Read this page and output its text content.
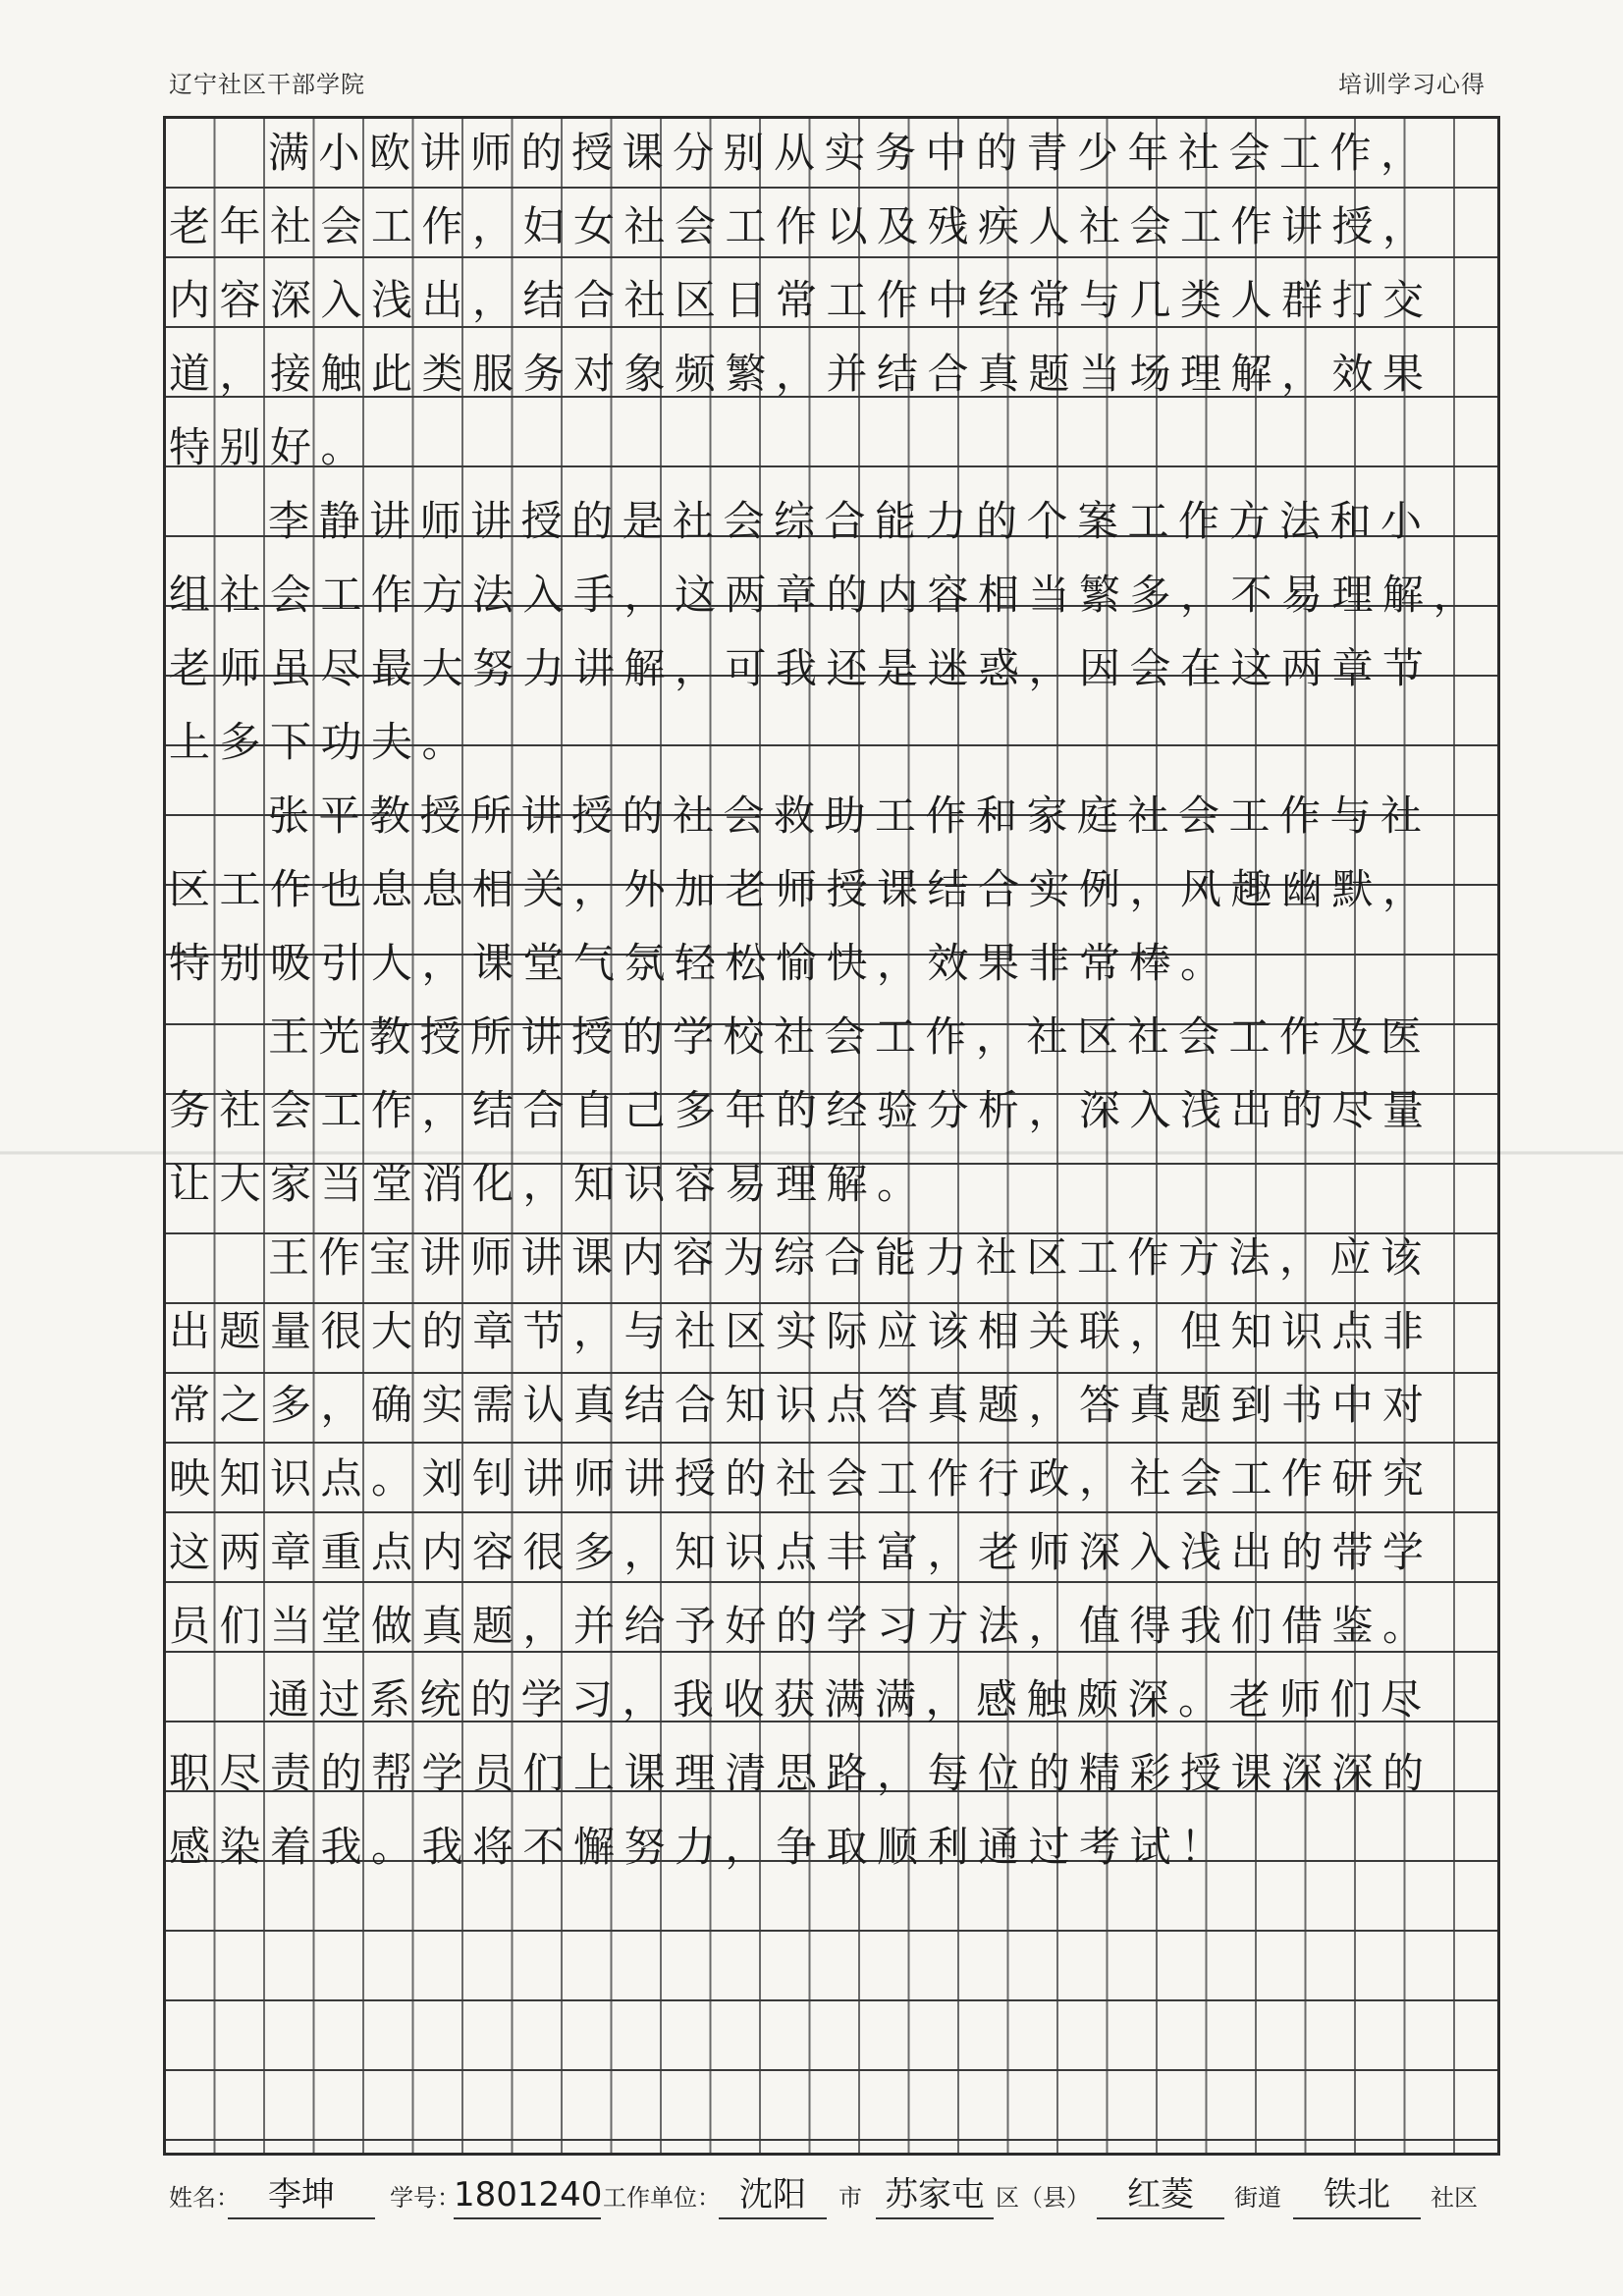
辽宁社区干部学院	培训学习心得
满小欧讲师的授课分别从实务中的青少年社会工作，
老年社会工作，妇女社会工作以及残疾人社会工作讲授，
内容深入浅出，结合社区日常工作中经常与几类人群打交
道，接触此类服务对象频繁，并结合真题当场理解，效果
特别好。
李静讲师讲授的是社会综合能力的个案工作方法和小
组社会工作方法入手，这两章的内容相当繁多，不易理解，
老师虽尽最大努力讲解，可我还是迷惑，因会在这两章节
上多下功夫。
张平教授所讲授的社会救助工作和家庭社会工作与社
区工作也息息相关，外加老师授课结合实例，风趣幽默，
特别吸引人，课堂气氛轻松愉快，效果非常棒。
王光教授所讲授的学校社会工作，社区社会工作及医
务社会工作，结合自己多年的经验分析，深入浅出的尽量
让大家当堂消化，知识容易理解。
王作宝讲师讲课内容为综合能力社区工作方法，应该
出题量很大的章节，与社区实际应该相关联，但知识点非
常之多，确实需认真结合知识点答真题，答真题到书中对
映知识点。刘钊讲师讲授的社会工作行政，社会工作研究
这两章重点内容很多，知识点丰富，老师深入浅出的带学
员们当堂做真题，并给予好的学习方法，值得我们借鉴。
通过系统的学习，我收获满满，感触颇深。老师们尽
职尽责的帮学员们上课理清思路，每位的精彩授课深深的
感染着我。我将不懈努力，争取顺利通过考试！
姓名： 李坤	学号：
1801240 工作单位： 沈阳	市 苏家屯 区（县）	红菱	街道	铁北	社区
